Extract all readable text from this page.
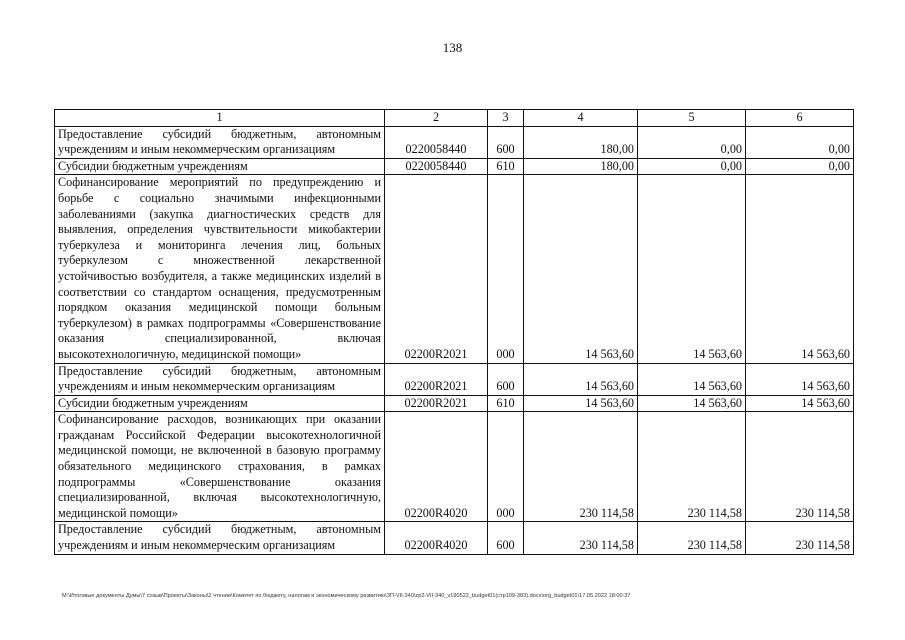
138
1	2	3	4	5	6
Предоставление субсидий бюджетным, автономным учреждениям и иным некоммерческим организациям	0220058440	600	180,00	0,00	0,00
Субсидии бюджетным учреждениям	0220058440	610	180,00	0,00	0,00
Софинансирование мероприятий по предупреждению и борьбе с социально значимыми инфекционными заболеваниями (закупка диагностических средств для выявления, определения чувствительности микобактерии туберкулеза и мониторинга лечения лиц, больных туберкулезом с множественной лекарственной устойчивостью возбудителя, а также медицинских изделий в соответствии со стандартом оснащения, предусмотренным порядком оказания медицинской помощи больным туберкулезом) в рамках подпрограммы «Совершенствование оказания специализированной, включая высокотехнологичную, медицинской помощи»	02200R2021	000	14 563,60	14 563,60	14 563,60
Предоставление субсидий бюджетным, автономным учреждениям и иным некоммерческим организациям	02200R2021	600	14 563,60	14 563,60	14 563,60
Субсидии бюджетным учреждениям	02200R2021	610	14 563,60	14 563,60	14 563,60
Софинансирование расходов, возникающих при оказании гражданам Российской Федерации высокотехнологичной медицинской помощи, не включенной в базовую программу обязательного медицинского страхования, в рамках подпрограммы «Совершенствование оказания специализированной, включая высокотехнологичную, медицинской помощи»	02200R4020	000	230 114,58	230 114,58	230 114,58
Предоставление субсидий бюджетным, автономным учреждениям и иным некоммерческим организациям	02200R4020	600	230 114,58	230 114,58	230 114,58
M:\Итоговые документы Думы\7 созыв\Проекты\Законы\2 чтение\Комитет по бюджету, налогам и экономическому развитию\ЗП-VII-340\zp2-VII-340_v190522_budget01(стр109-383).docx\org_budget01\17.05.2022 18:00:37
